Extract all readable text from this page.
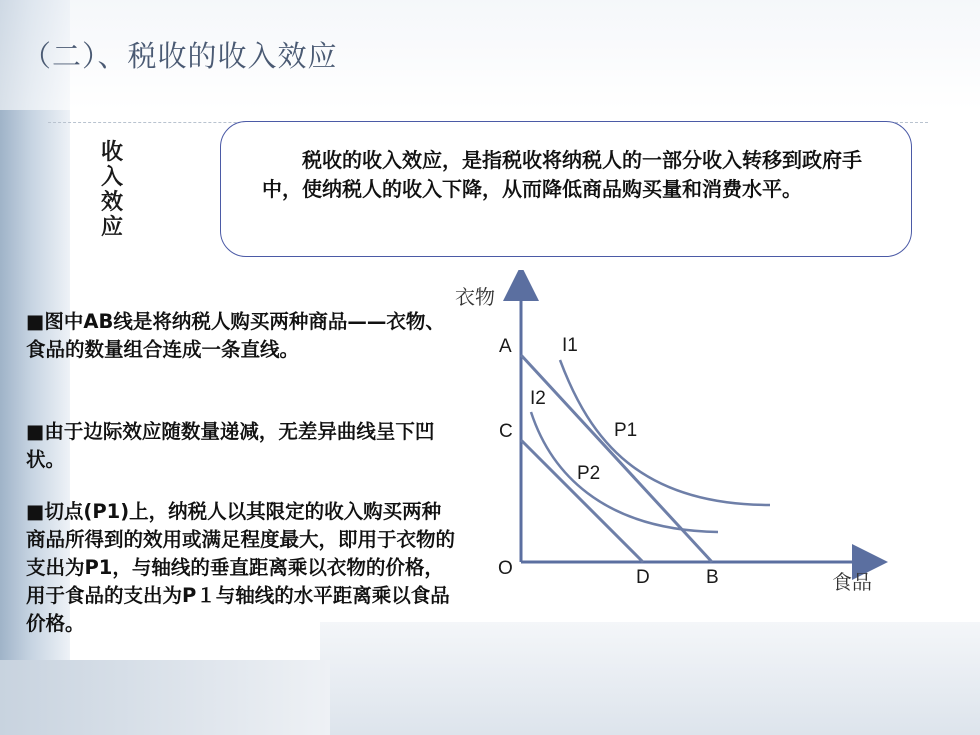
（二）、税收的收入效应
收入效应
税收的收入效应，是指税收将纳税人的一部分收入转移到政府手中，使纳税人的收入下降，从而降低商品购买量和消费水平。
■图中AB线是将纳税人购买两种商品——衣物、食品的数量组合连成一条直线。
■由于边际效应随数量递减，无差异曲线呈下凹状。
■切点(P1)上，纳税人以其限定的收入购买两种商品所得到的效用或满足程度最大，即用于衣物的支出为P1，与轴线的垂直距离乘以衣物的价格，用于食品的支出为P１与轴线的水平距离乘以食品价格。
衣物
食品
O
A
C
D	B
I1
I2
P1
P2
